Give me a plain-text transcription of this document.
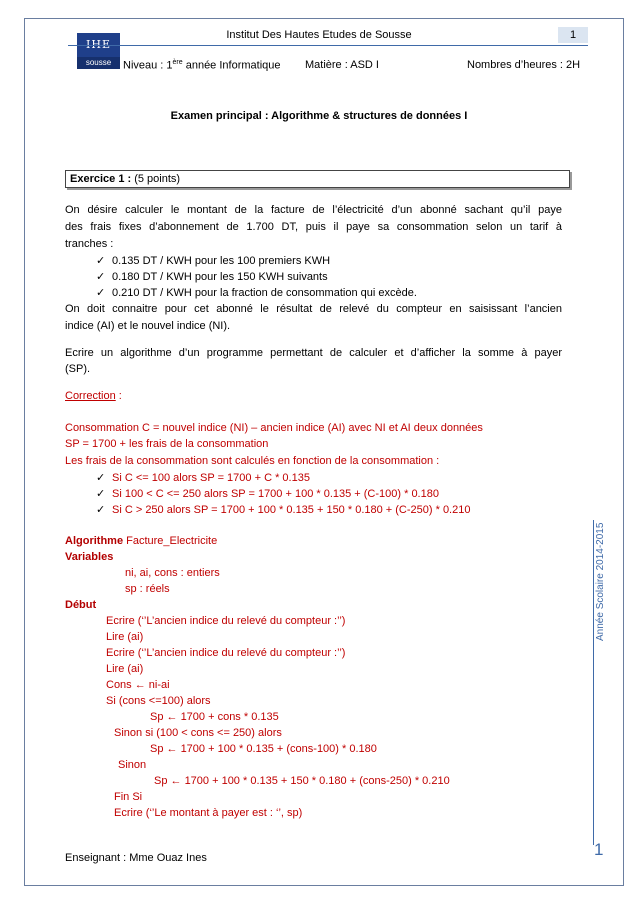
IHE
sousse
Institut Des Hautes Etudes de Sousse	1
Niveau : 1ère année Informatique Matière : ASD I	Nombres d’heures : 2H
Examen principal : Algorithme & structures de données I
Exercice 1 : (5 points)
On désire calculer le montant de la facture de l’électricité d’un abonné sachant qu’il paye
des frais fixes d’abonnement de 1.700 DT, puis il paye sa consommation selon un tarif à
tranches :
✓ 0.135 DT / KWH pour les 100 premiers KWH
✓ 0.180 DT / KWH pour les 150 KWH suivants
✓ 0.210 DT / KWH pour la fraction de consommation qui excède.
On doit connaitre pour cet abonné le résultat de relevé du compteur en saisissant l’ancien
indice (AI) et le nouvel indice (NI).
Ecrire un algorithme d’un programme permettant de calculer et d’afficher la somme à payer
(SP).
Correction :
Consommation C = nouvel indice (NI) – ancien indice (AI) avec NI et AI deux données
SP = 1700 + les frais de la consommation
Les frais de la consommation sont calculés en fonction de la consommation :
✓ Si C <= 100 alors SP = 1700 + C * 0.135
✓ Si 100 < C <= 250 alors SP = 1700 + 100 * 0.135 + (C-100) * 0.180
✓ Si C > 250 alors SP = 1700 + 100 * 0.135 + 150 * 0.180 + (C-250) * 0.210
Algorithme Facture_Electricite
Variables
ni, ai, cons : entiers
sp : réels
Début
Ecrire (‘’L’ancien indice du relevé du compteur :’’)
Lire (ai)
Ecrire (‘’L’ancien indice du relevé du compteur :’’)
Lire (ai)
Cons ← ni-ai
Si (cons <=100) alors
Sp ← 1700 + cons * 0.135
Sinon si (100 < cons <= 250) alors
Sp ← 1700 + 100 * 0.135 + (cons-100) * 0.180
Sinon
Sp ← 1700 + 100 * 0.135 + 150 * 0.180 + (cons-250) * 0.210
Fin Si
Ecrire (‘’Le montant à payer est : ‘’, sp)
Année Scolaire 2014-2015
1
Enseignant : Mme Ouaz Ines
